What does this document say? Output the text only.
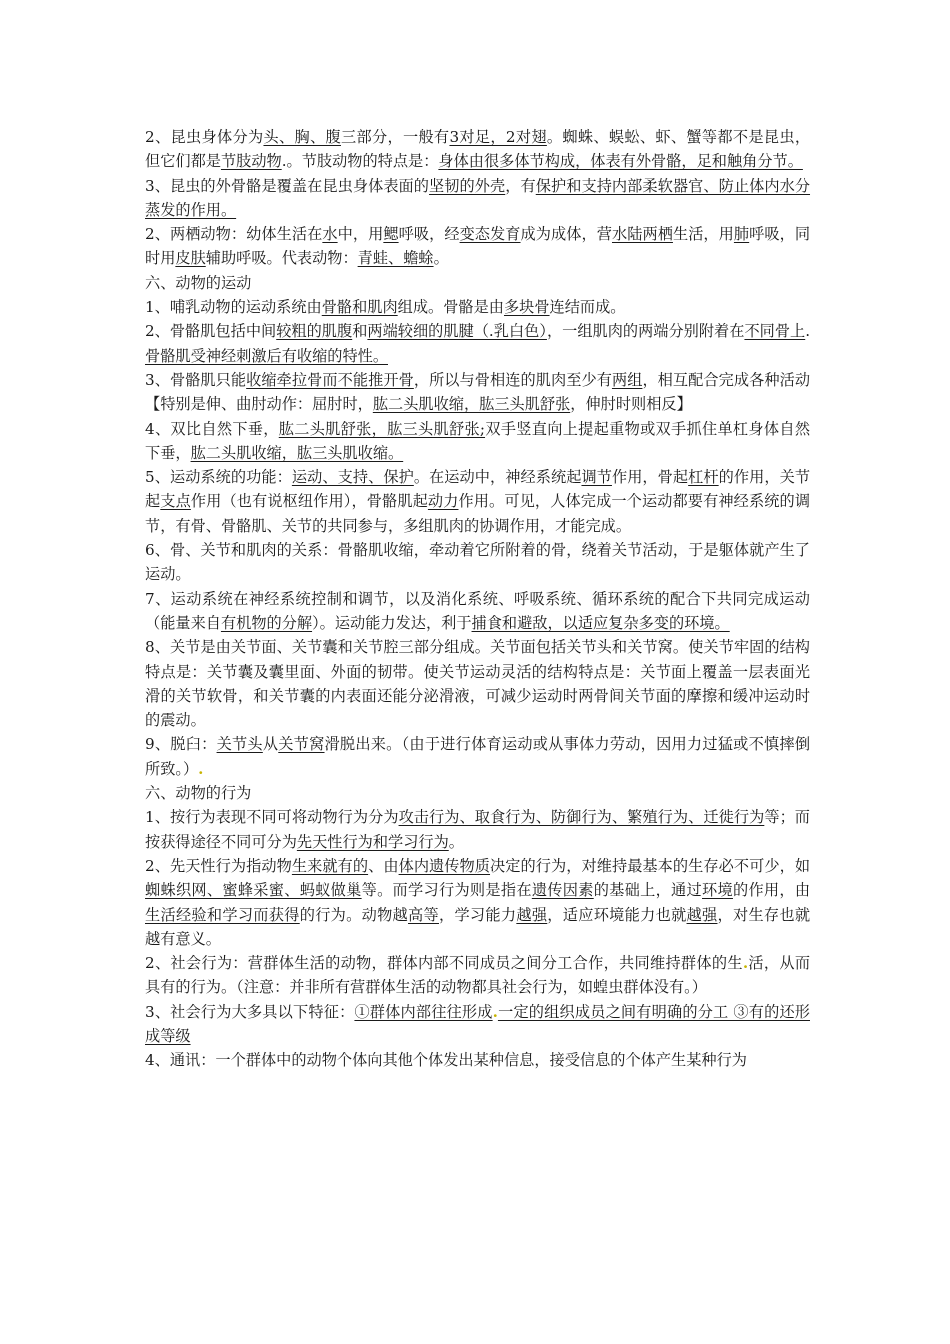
2、昆虫身体分为头、胸、腹三部分，一般有3对足，2对翅。蜘蛛、蜈蚣、虾、蟹等都不是昆虫，但它们都是节肢动物.。节肢动物的特点是：身体由很多体节构成，体表有外骨骼，足和触角分节。

3、昆虫的外骨骼是覆盖在昆虫身体表面的坚韧的外壳，有保护和支持内部柔软器官、防止体内水分蒸发的作用。

2、两栖动物：幼体生活在水中，用鳃呼吸，经变态发育成为成体，营水陆两栖生活，用肺呼吸，同时用皮肤辅助呼吸。代表动物：青蛙、蟾蜍。

六、动物的运动

1、哺乳动物的运动系统由骨骼和肌肉组成。骨骼是由多块骨连结而成。

2、骨骼肌包括中间较粗的肌腹和两端较细的肌腱（.乳白色），一组肌肉的两端分别附着在不同骨上.骨骼肌受神经刺激后有收缩的特性。

3、骨骼肌只能收缩牵拉骨而不能推开骨，所以与骨相连的肌肉至少有两组，相互配合完成各种活动【特别是伸、曲肘动作：屈肘时，肱二头肌收缩，肱三头肌舒张，伸肘时则相反】

4、双比自然下垂，肱二头肌舒张，肱三头肌舒张;双手竖直向上提起重物或双手抓住单杠身体自然下垂，肱二头肌收缩，肱三头肌收缩。

5、运动系统的功能：运动、支持、保护。在运动中，神经系统起调节作用，骨起杠杆的作用，关节起支点作用（也有说枢纽作用），骨骼肌起动力作用。可见，人体完成一个运动都要有神经系统的调节，有骨、骨骼肌、关节的共同参与，多组肌肉的协调作用，才能完成。

6、骨、关节和肌肉的关系：骨骼肌收缩，牵动着它所附着的骨，绕着关节活动，于是躯体就产生了运动。

7、运动系统在神经系统控制和调节，以及消化系统、呼吸系统、循环系统的配合下共同完成运动（能量来自有机物的分解）。运动能力发达，利于捕食和避敌，以适应复杂多变的环境。

8、关节是由关节面、关节囊和关节腔三部分组成。关节面包括关节头和关节窝。使关节牢固的结构特点是：关节囊及囊里面、外面的韧带。使关节运动灵活的结构特点是：关节面上覆盖一层表面光滑的关节软骨，和关节囊的内表面还能分泌滑液，可减少运动时两骨间关节面的摩擦和缓冲运动时的震动。

9、脱臼：关节头从关节窝滑脱出来。（由于进行体育运动或从事体力劳动，因用力过猛或不慎摔倒所致。）.

六、动物的行为

1、按行为表现不同可将动物行为分为攻击行为、取食行为、防御行为、繁殖行为、迁徙行为等；而按获得途径不同可分为先天性行为和学习行为。

2、先天性行为指动物生来就有的、由体内遗传物质决定的行为，对维持最基本的生存必不可少，如蜘蛛织网、蜜蜂采蜜、蚂蚁做巢等。而学习行为则是指在遗传因素的基础上，通过环境的作用，由生活经验和学习而获得的行为。动物越高等，学习能力越强，适应环境能力也就越强，对生存也就越有意义。

2、社会行为：营群体生活的动物，群体内部不同成员之间分工合作，共同维持群体的生.活，从而具有的行为。（注意：并非所有营群体生活的动物都具社会行为，如蝗虫群体没有。）

3、社会行为大多具以下特征：①群体内部往往形成.一定的组织成员之间有明确的分工 ③有的还形成等级

4、通讯：一个群体中的动物个体向其他个体发出某种信息，接受信息的个体产生某种行为
